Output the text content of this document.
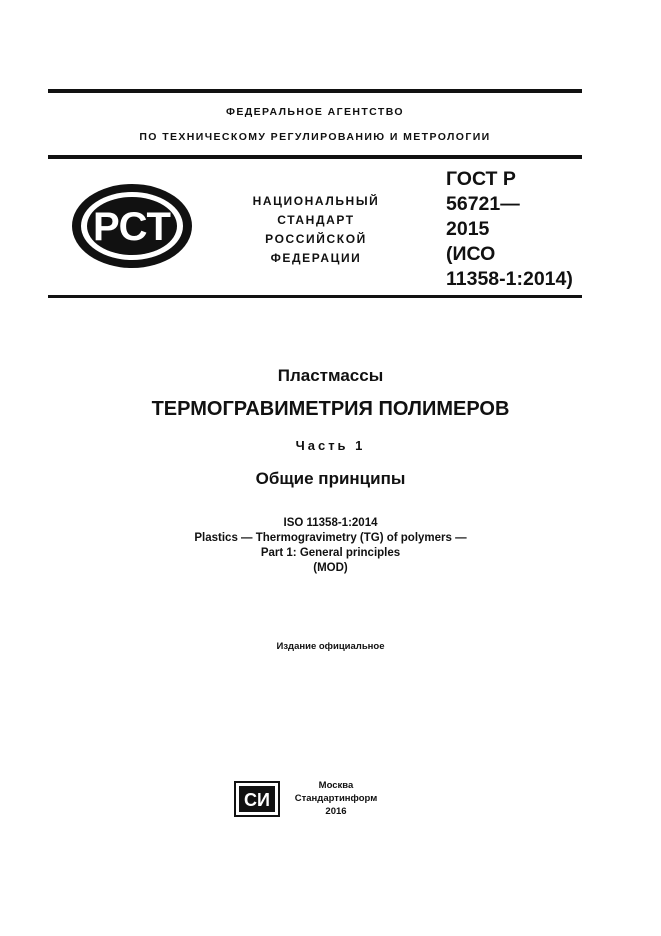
ФЕДЕРАЛЬНОЕ АГЕНТСТВО
ПО ТЕХНИЧЕСКОМУ РЕГУЛИРОВАНИЮ И МЕТРОЛОГИИ
РСТ
НАЦИОНАЛЬНЫЙ
СТАНДАРТ
РОССИЙСКОЙ
ФЕДЕРАЦИИ
ГОСТ Р
56721—
2015
(ИСО
11358-1:2014)
Пластмассы
ТЕРМОГРАВИМЕТРИЯ ПОЛИМЕРОВ
Часть 1
Общие принципы
ISO 11358-1:2014
Plastics — Thermogravimetry (TG) of polymers —
Part 1: General principles
(MOD)
Издание официальное
СИ
Москва
Стандартинформ
2016
